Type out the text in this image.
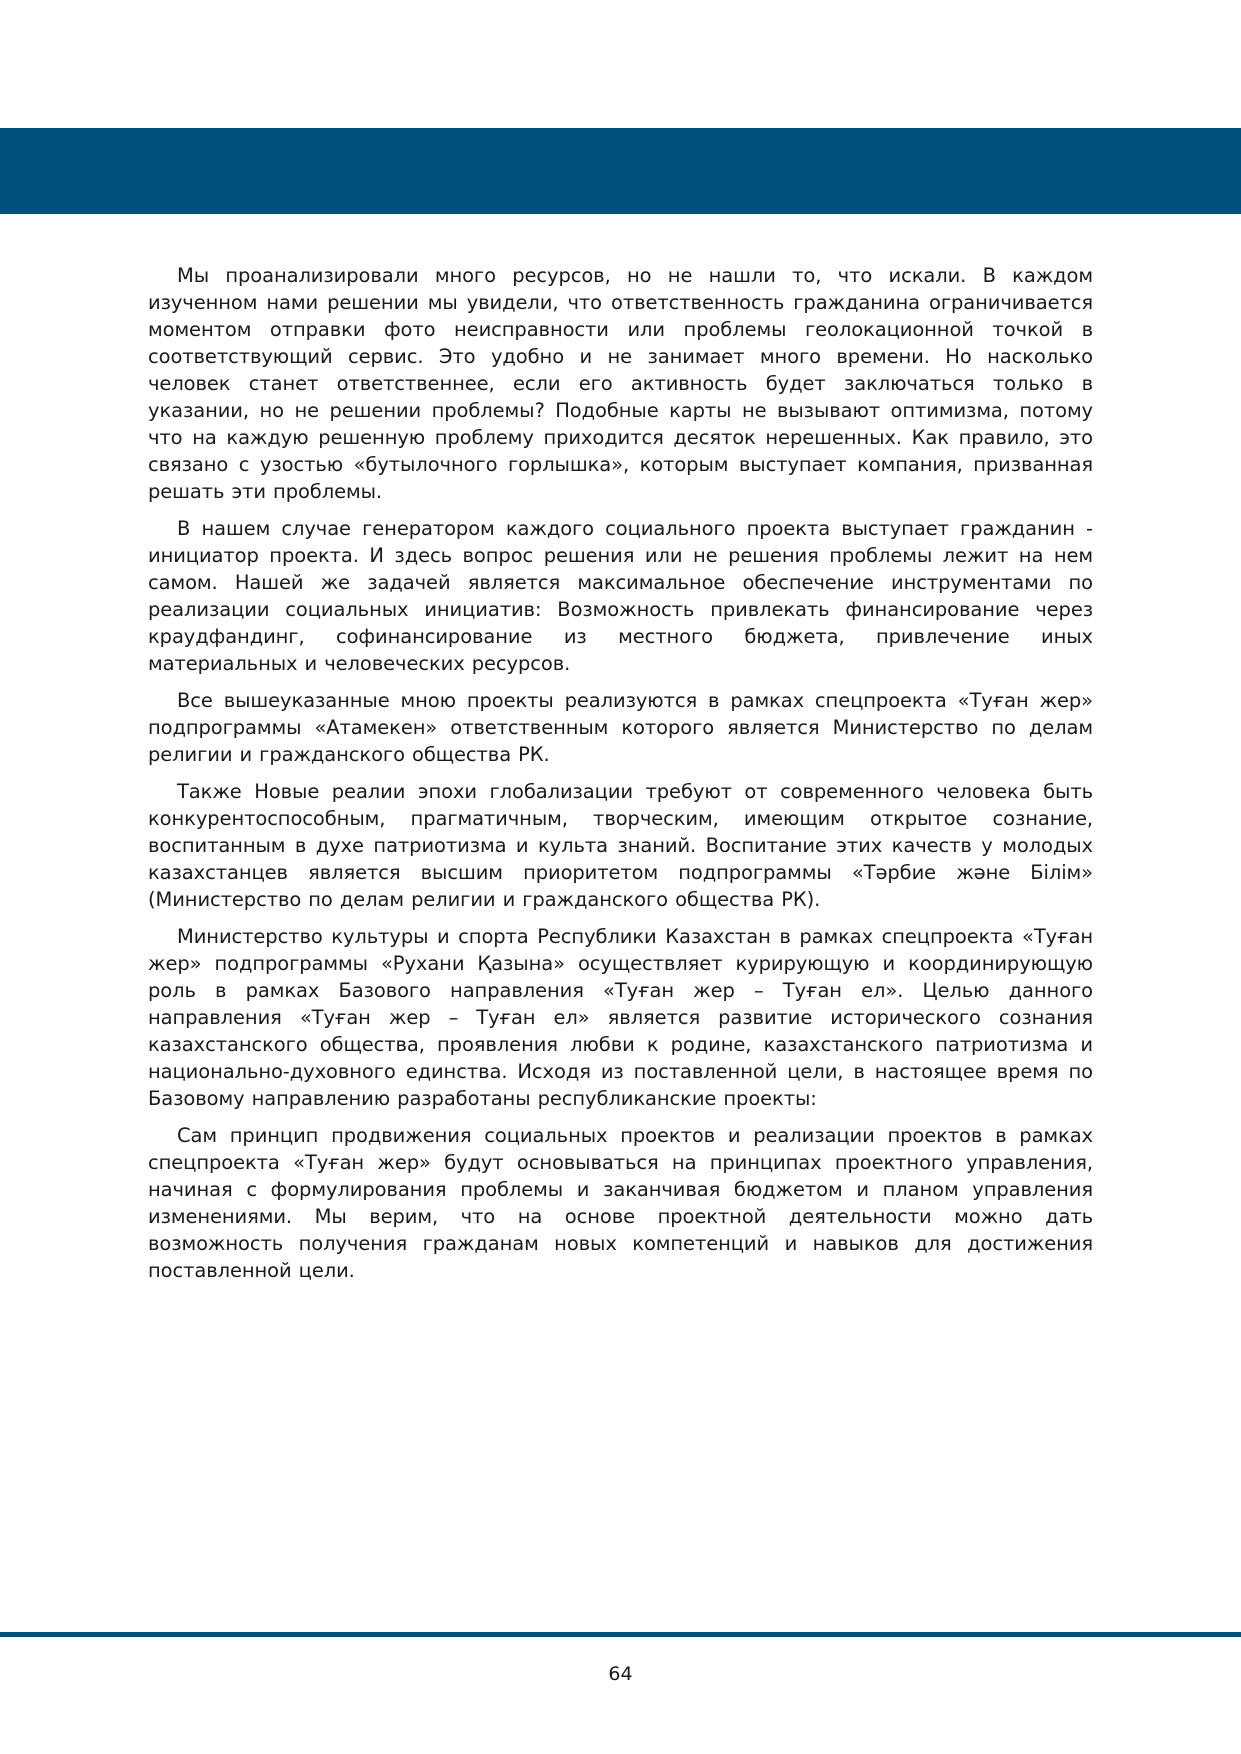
Мы проанализировали много ресурсов, но не нашли то, что искали. В каждом изученном нами решении мы увидели, что ответственность гражданина ограничивается моментом отправки фото неисправности или проблемы геолокационной точкой в соответствующий сервис. Это удобно и не занимает много времени. Но насколько человек станет ответственнее, если его активность будет заключаться только в указании, но не решении проблемы? Подобные карты не вызывают оптимизма, потому что на каждую решенную проблему приходится десяток нерешенных. Как правило, это связано с узостью «бутылочного горлышка», которым выступает компания, призванная решать эти проблемы.

В нашем случае генератором каждого социального проекта выступает гражданин - инициатор проекта. И здесь вопрос решения или не решения проблемы лежит на нем самом. Нашей же задачей является максимальное обеспечение инструментами по реализации социальных инициатив: Возможность привлекать финансирование через краудфандинг, софинансирование из местного бюджета, привлечение иных материальных и человеческих ресурсов.

Все вышеуказанные мною проекты реализуются в рамках спецпроекта «Туған жер» подпрограммы «Атамекен» ответственным которого является Министерство по делам религии и гражданского общества РК.

Также Новые реалии эпохи глобализации требуют от современного человека быть конкурентоспособным, прагматичным, творческим, имеющим открытое сознание, воспитанным в духе патриотизма и культа знаний. Воспитание этих качеств у молодых казахстанцев является высшим приоритетом подпрограммы «Тәрбие және Білім» (Министерство по делам религии и гражданского общества РК).

Министерство культуры и спорта Республики Казахстан в рамках спецпроекта «Туған жер» подпрограммы «Рухани Қазына» осуществляет курирующую и координирующую роль в рамках Базового направления «Туған жер – Туған ел». Целью данного направления «Туған жер – Туған ел» является развитие исторического сознания казахстанского общества, проявления любви к родине, казахстанского патриотизма и национально-духовного единства. Исходя из поставленной цели, в настоящее время по Базовому направлению разработаны республиканские проекты:

Сам принцип продвижения социальных проектов и реализации проектов в рамках спецпроекта «Туған жер» будут основываться на принципах проектного управления, начиная с формулирования проблемы и заканчивая бюджетом и планом управления изменениями. Мы верим, что на основе проектной деятельности можно дать возможность получения гражданам новых компетенций и навыков для достижения поставленной цели.

64
